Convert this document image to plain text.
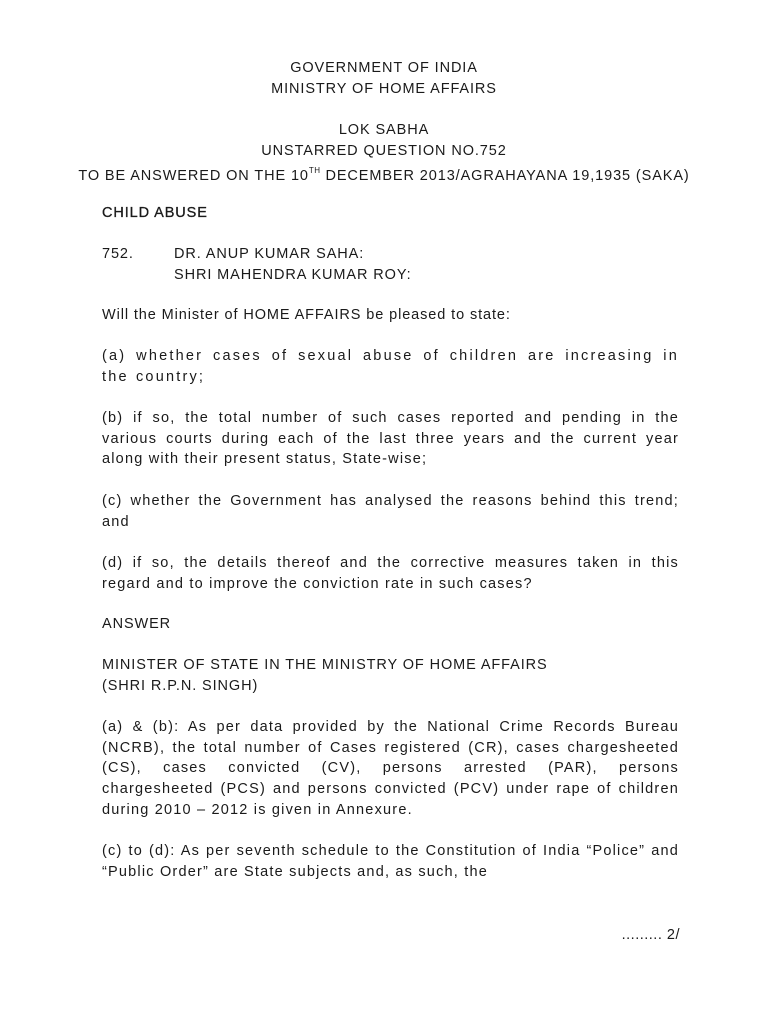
GOVERNMENT OF INDIA
MINISTRY OF HOME AFFAIRS
LOK SABHA
UNSTARRED QUESTION NO.752
TO BE ANSWERED ON THE 10TH DECEMBER 2013/AGRAHAYANA 19,1935 (SAKA)
CHILD ABUSE
752.	DR. ANUP KUMAR SAHA:
SHRI MAHENDRA KUMAR ROY:
Will the Minister of HOME AFFAIRS be pleased to state:
(a) whether cases of sexual abuse of children are increasing in the country;
(b) if so, the total number of such cases reported and pending in the various courts during each of the last three years and the current year along with their present status, State-wise;
(c) whether the Government has analysed the reasons behind this trend; and
(d) if so, the details thereof and the corrective measures taken in this regard and to improve the conviction rate in such cases?
ANSWER
MINISTER OF STATE IN THE MINISTRY OF HOME AFFAIRS
(SHRI R.P.N. SINGH)
(a) & (b): As per data provided by the National Crime Records Bureau (NCRB), the total number of Cases registered (CR), cases chargesheeted (CS), cases convicted (CV), persons arrested (PAR), persons chargesheeted (PCS) and persons convicted (PCV) under rape of children during 2010 – 2012 is given in Annexure.
(c) to (d): As per seventh schedule to the Constitution of India “Police” and “Public Order” are State subjects and, as such, the
......... 2/
